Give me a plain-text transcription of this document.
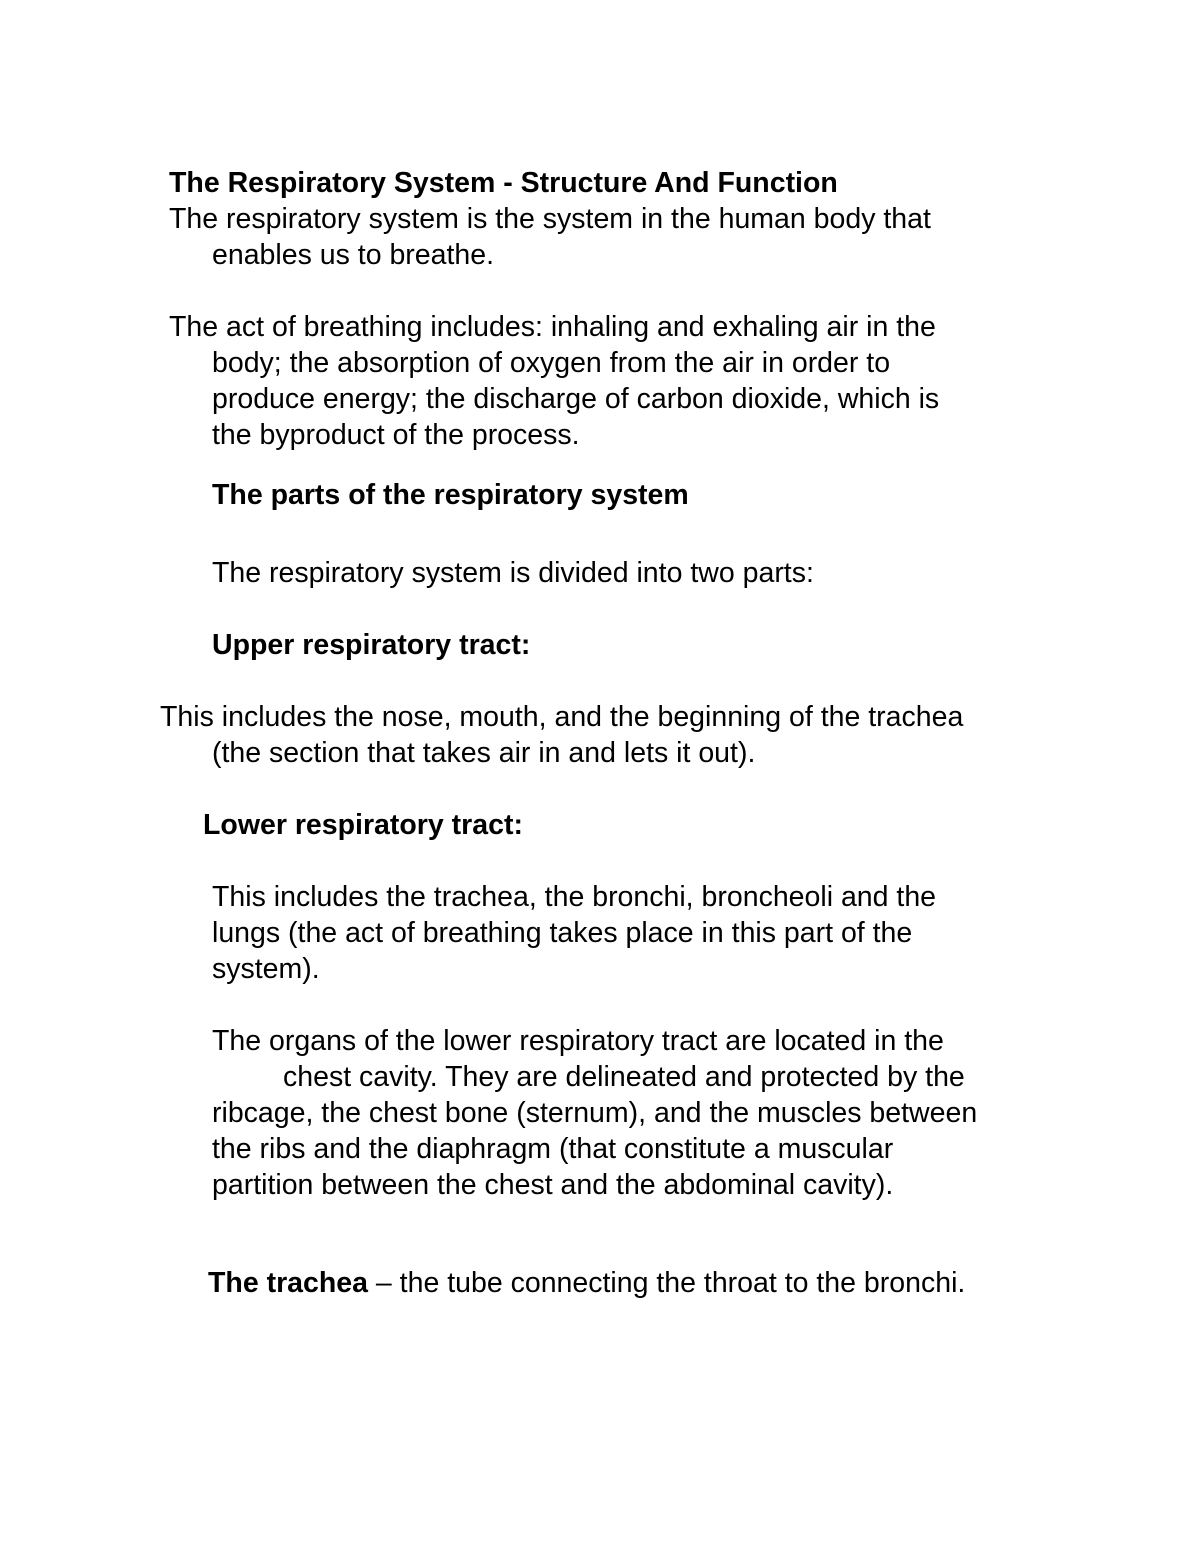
The Respiratory System - Structure And Function

The respiratory system is the system in the human body that
enables us to breathe.

The act of breathing includes: inhaling and exhaling air in the
body; the absorption of oxygen from the air in order to
produce energy; the discharge of carbon dioxide, which is
the byproduct of the process.

The parts of the respiratory system

The respiratory system is divided into two parts:

Upper respiratory tract:

This includes the nose, mouth, and the beginning of the trachea
(the section that takes air in and lets it out).

Lower respiratory tract:

This includes the trachea, the bronchi, broncheoli and the
lungs (the act of breathing takes place in this part of the
system).

The organs of the lower respiratory tract are located in the
chest cavity. They are delineated and protected by the
ribcage, the chest bone (sternum), and the muscles between
the ribs and the diaphragm (that constitute a muscular
partition between the chest and the abdominal cavity).

The trachea – the tube connecting the throat to the bronchi.
